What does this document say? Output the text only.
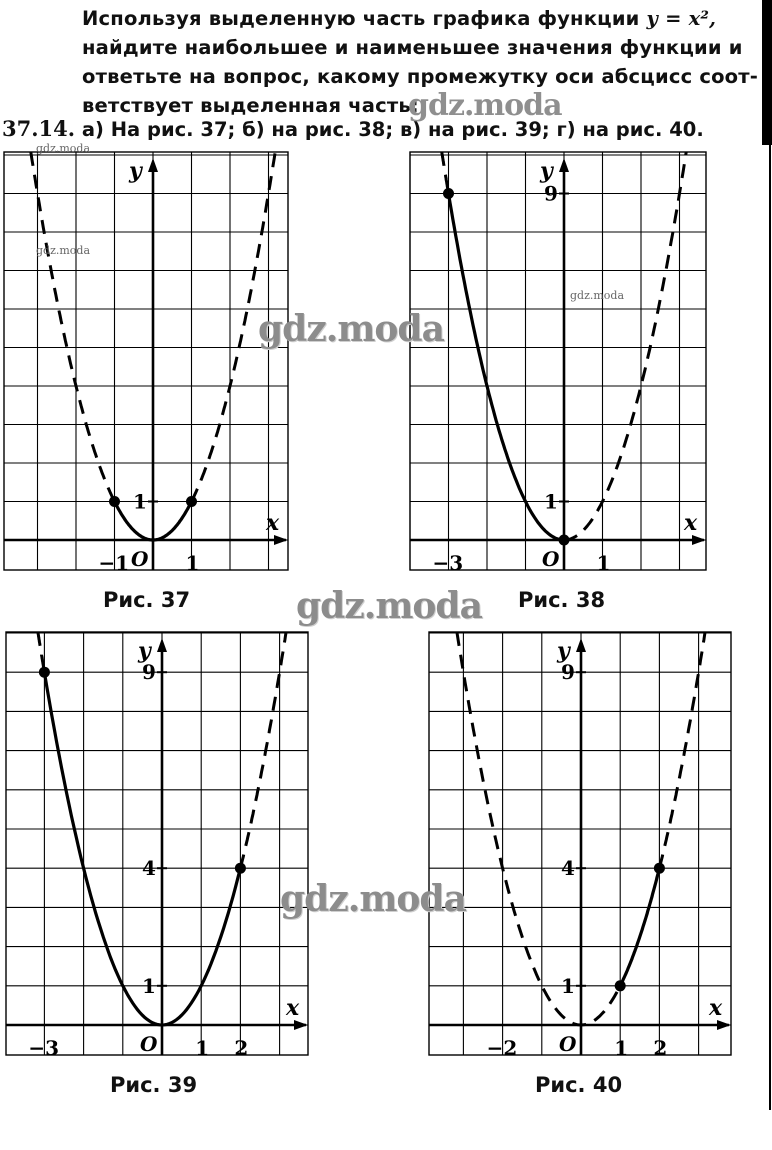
Используя выделенную часть графика функции y = x²,
найдите наибольшее и наименьшее значения функции и
ответьте на вопрос, какому промежутку оси абсцисс соот-
ветствует выделенная часть:
37.14. а) На рис. 37; б) на рис. 38; в) на рис. 39; г) на рис. 40.
x
y
O
−1	1
1
Рис. 37
x
y
O
−3	1
9
1
Рис. 38
x
y
O
−3	1 2
9
4
1
Рис. 39
x
y
O
−2	1 2
9
4
1
Рис. 40
gdz.moda
gdz.moda
gdz.moda
gdz.moda
gdz.moda
gdz.moda
gdz.moda
